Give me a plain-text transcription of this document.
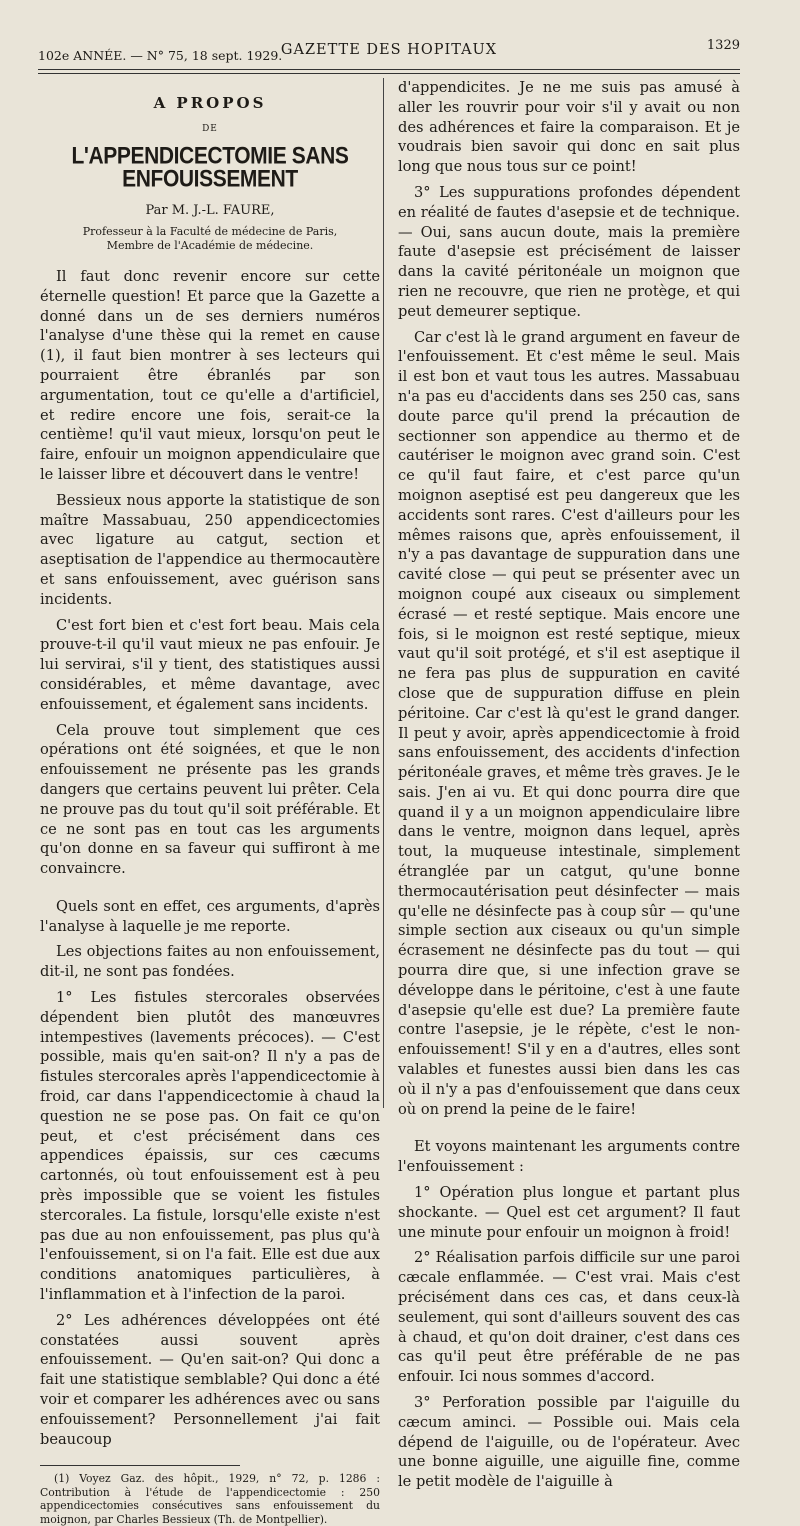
102e ANNÉE. — N° 75, 18 sept. 1929.
GAZETTE DES HOPITAUX	1329
A PROPOS
DE
L'APPENDICECTOMIE SANS ENFOUISSEMENT
Par M. J.-L. FAURE,
Professeur à la Faculté de médecine de Paris,
Membre de l'Académie de médecine.

Il faut donc revenir encore sur cette éternelle question! Et parce que la Gazette a donné dans un de ses derniers numéros l'analyse d'une thèse qui la remet en cause (1), il faut bien montrer à ses lecteurs qui pourraient être ébranlés par son argumentation, tout ce qu'elle a d'artificiel, et redire encore une fois, serait-ce la centième! qu'il vaut mieux, lorsqu'on peut le faire, enfouir un moignon appendiculaire que le laisser libre et découvert dans le ventre!

Bessieux nous apporte la statistique de son maître Massabuau, 250 appendicectomies avec ligature au catgut, section et aseptisation de l'appendice au thermocautère et sans enfouissement, avec guérison sans incidents.

C'est fort bien et c'est fort beau. Mais cela prouve-t-il qu'il vaut mieux ne pas enfouir. Je lui servirai, s'il y tient, des statistiques aussi considérables, et même davantage, avec enfouissement, et également sans incidents.

Cela prouve tout simplement que ces opérations ont été soignées, et que le non enfouissement ne présente pas les grands dangers que certains peuvent lui prêter. Cela ne prouve pas du tout qu'il soit préférable. Et ce ne sont pas en tout cas les arguments qu'on donne en sa faveur qui suffiront à me convaincre.

Quels sont en effet, ces arguments, d'après l'analyse à laquelle je me reporte.

Les objections faites au non enfouissement, dit-il, ne sont pas fondées.

1° Les fistules stercorales observées dépendent bien plutôt des manœuvres intempestives (lavements précoces). — C'est possible, mais qu'en sait-on? Il n'y a pas de fistules stercorales après l'appendicectomie à froid, car dans l'appendicectomie à chaud la question ne se pose pas. On fait ce qu'on peut, et c'est précisément dans ces appendices épaissis, sur ces cæcums cartonnés, où tout enfouissement est à peu près impossible que se voient les fistules stercorales. La fistule, lorsqu'elle existe n'est pas due au non enfouissement, pas plus qu'à l'enfouissement, si on l'a fait. Elle est due aux conditions anatomiques particulières, à l'inflammation et à l'infection de la paroi.

2° Les adhérences développées ont été constatées aussi souvent après enfouissement. — Qu'en sait-on? Qui donc a fait une statistique semblable? Qui donc a été voir et comparer les adhérences avec ou sans enfouissement? Personnellement j'ai fait beaucoup

(1) Voyez Gaz. des hôpit., 1929, n° 72, p. 1286 : Contribution à l'étude de l'appendicectomie : 250 appendicectomies consécutives sans enfouissement du moignon, par Charles Bessieux (Th. de Montpellier).

d'appendicites. Je ne me suis pas amusé à aller les rouvrir pour voir s'il y avait ou non des adhérences et faire la comparaison. Et je voudrais bien savoir qui donc en sait plus long que nous tous sur ce point!

3° Les suppurations profondes dépendent en réalité de fautes d'asepsie et de technique. — Oui, sans aucun doute, mais la première faute d'asepsie est précisément de laisser dans la cavité péritonéale un moignon que rien ne recouvre, que rien ne protège, et qui peut demeurer septique.

Car c'est là le grand argument en faveur de l'enfouissement. Et c'est même le seul. Mais il est bon et vaut tous les autres. Massabuau n'a pas eu d'accidents dans ses 250 cas, sans doute parce qu'il prend la précaution de sectionner son appendice au thermo et de cautériser le moignon avec grand soin. C'est ce qu'il faut faire, et c'est parce qu'un moignon aseptisé est peu dangereux que les accidents sont rares. C'est d'ailleurs pour les mêmes raisons que, après enfouissement, il n'y a pas davantage de suppuration dans une cavité close — qui peut se présenter avec un moignon coupé aux ciseaux ou simplement écrasé — et resté septique. Mais encore une fois, si le moignon est resté septique, mieux vaut qu'il soit protégé, et s'il est aseptique il ne fera pas plus de suppuration en cavité close que de suppuration diffuse en plein péritoine. Car c'est là qu'est le grand danger. Il peut y avoir, après appendicectomie à froid sans enfouissement, des accidents d'infection péritonéale graves, et même très graves. Je le sais. J'en ai vu. Et qui donc pourra dire que quand il y a un moignon appendiculaire libre dans le ventre, moignon dans lequel, après tout, la muqueuse intestinale, simplement étranglée par un catgut, qu'une bonne thermocautérisation peut désinfecter — mais qu'elle ne désinfecte pas à coup sûr — qu'une simple section aux ciseaux ou qu'un simple écrasement ne désinfecte pas du tout — qui pourra dire que, si une infection grave se développe dans le péritoine, c'est à une faute d'asepsie qu'elle est due? La première faute contre l'asepsie, je le répète, c'est le non-enfouissement! S'il y en a d'autres, elles sont valables et funestes aussi bien dans les cas où il n'y a pas d'enfouissement que dans ceux où on prend la peine de le faire!

Et voyons maintenant les arguments contre l'enfouissement :

1° Opération plus longue et partant plus shockante. — Quel est cet argument? Il faut une minute pour enfouir un moignon à froid!

2° Réalisation parfois difficile sur une paroi cæcale enflammée. — C'est vrai. Mais c'est précisément dans ces cas, et dans ceux-là seulement, qui sont d'ailleurs souvent des cas à chaud, et qu'on doit drainer, c'est dans ces cas qu'il peut être préférable de ne pas enfouir. Ici nous sommes d'accord.

3° Perforation possible par l'aiguille du cæcum aminci. — Possible oui. Mais cela dépend de l'aiguille, ou de l'opérateur. Avec une bonne aiguille, une aiguille fine, comme le petit modèle de l'aiguille à
